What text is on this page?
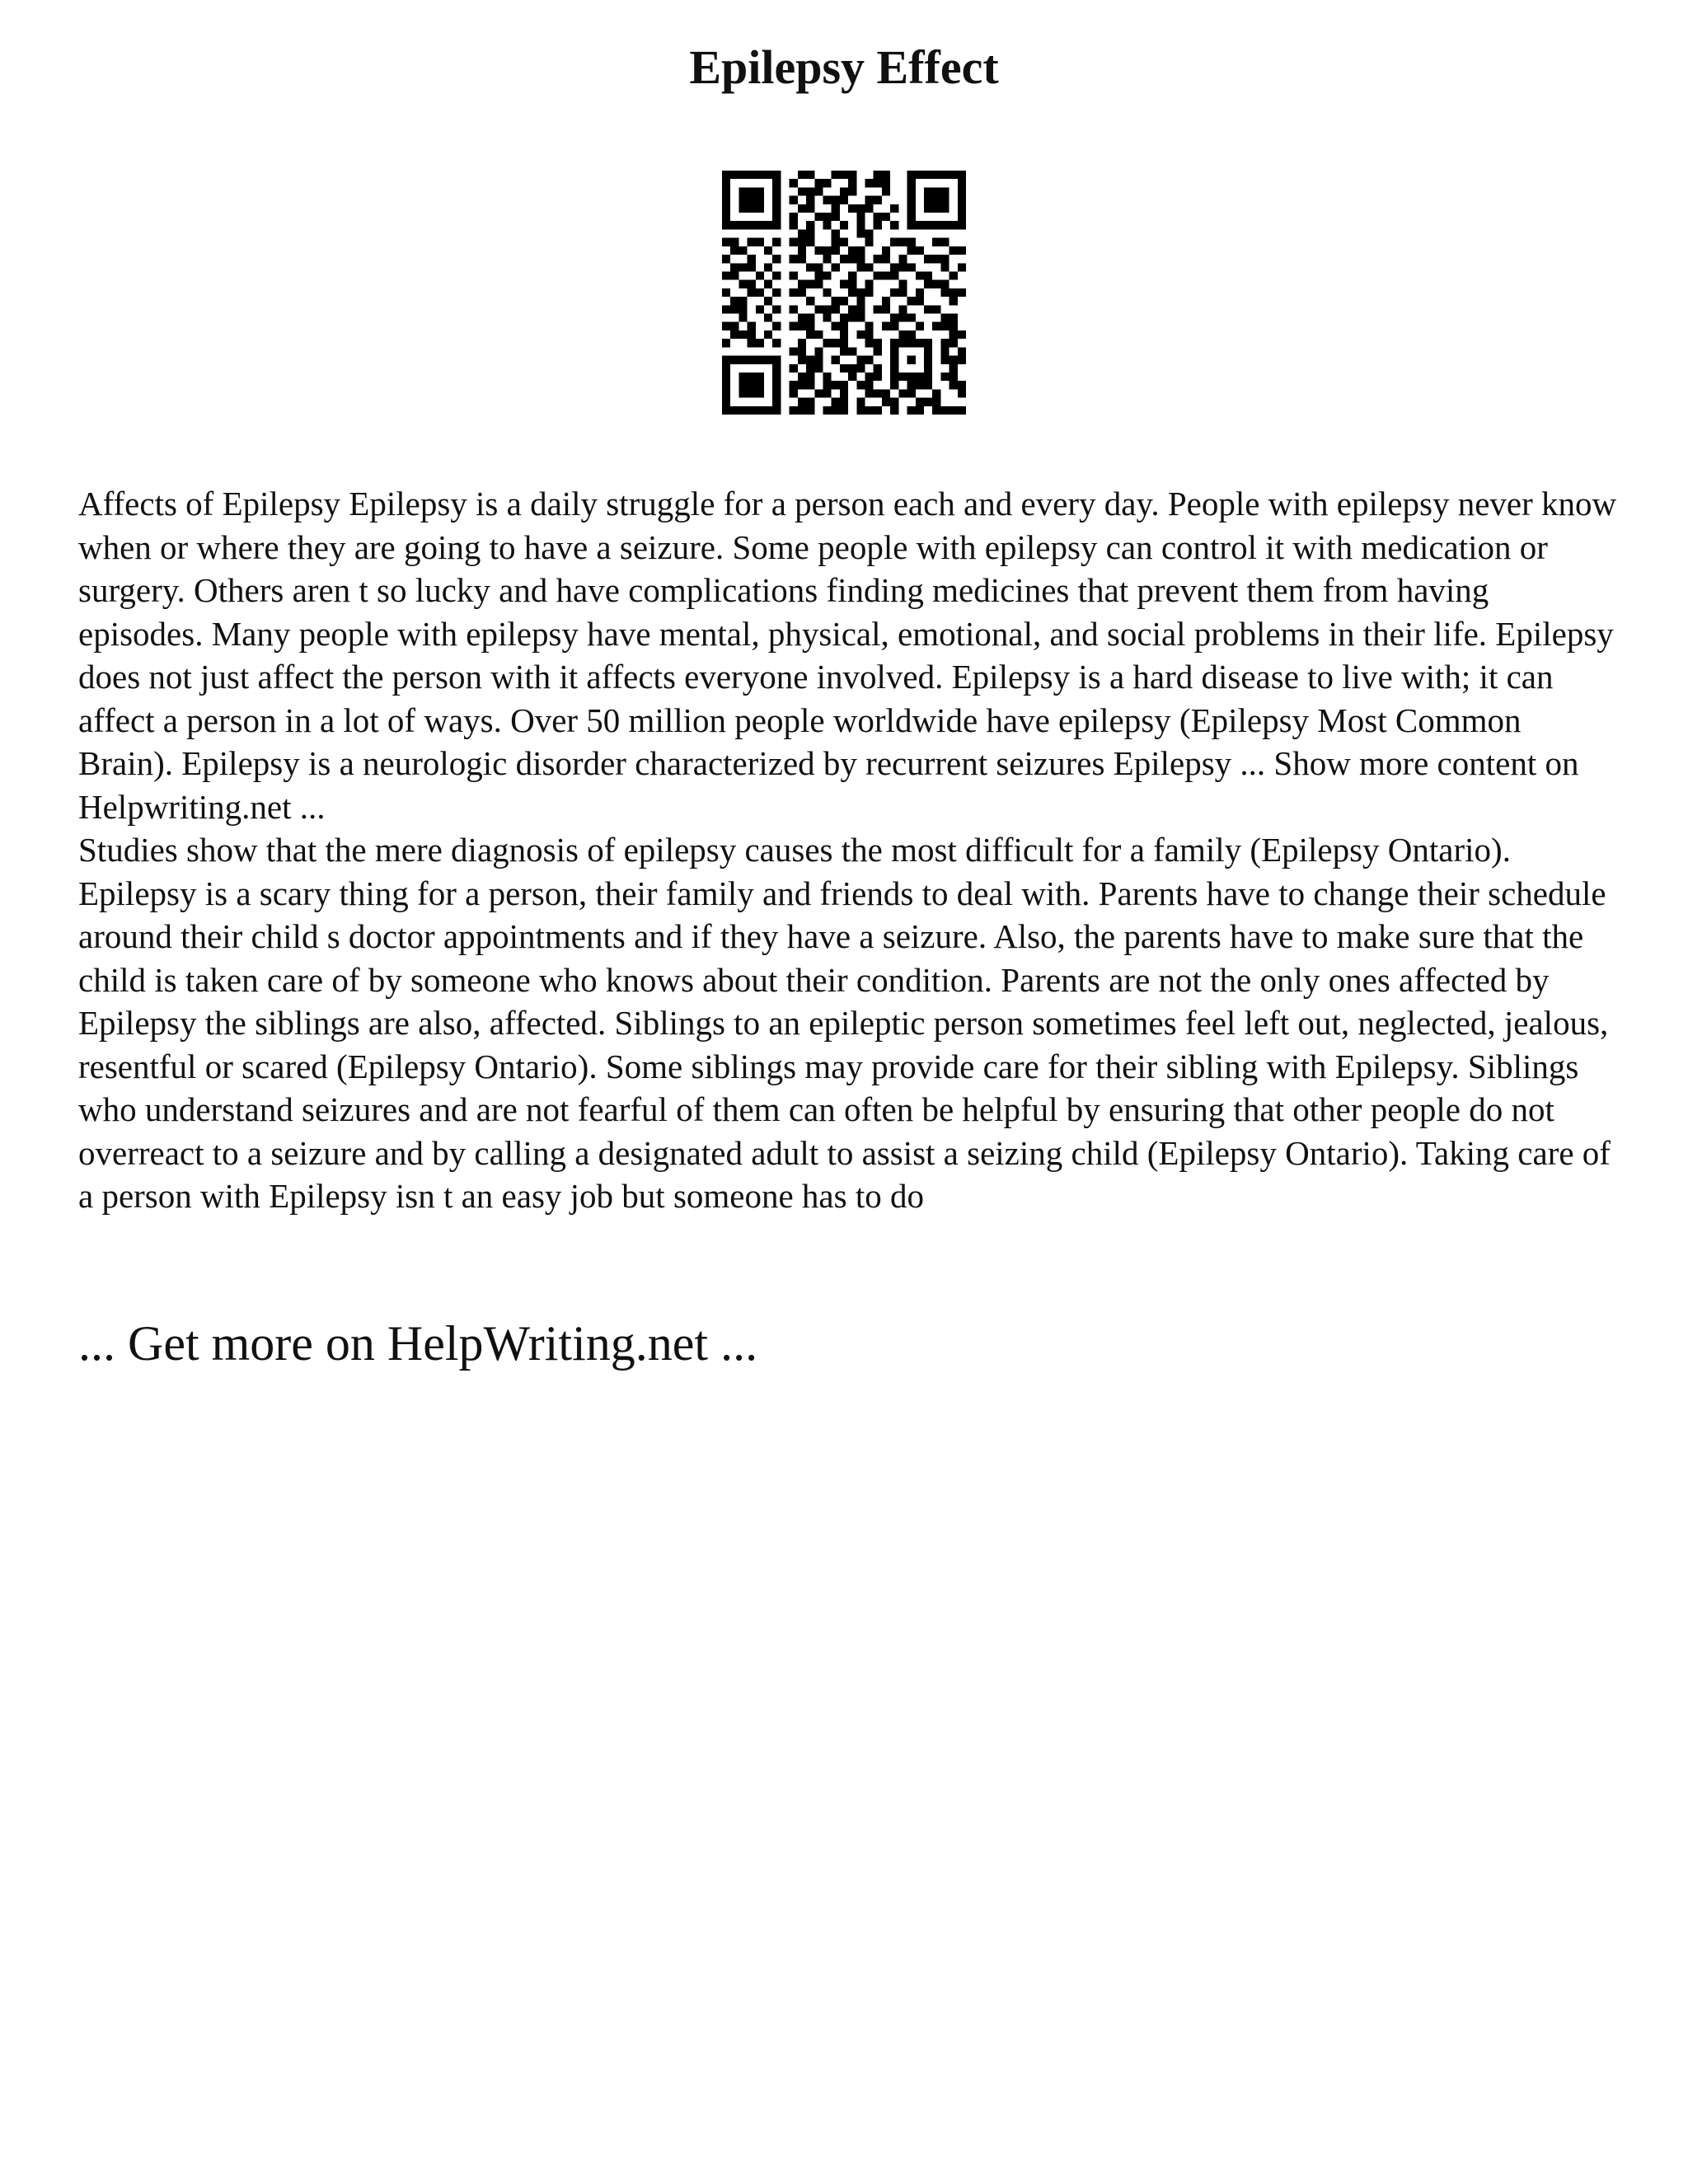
Epilepsy Effect

Affects of Epilepsy Epilepsy is a daily struggle for a person each and every day. People with epilepsy never know when or where they are going to have a seizure. Some people with epilepsy can control it with medication or surgery. Others aren t so lucky and have complications finding medicines that prevent them from having episodes. Many people with epilepsy have mental, physical, emotional, and social problems in their life. Epilepsy does not just affect the person with it affects everyone involved. Epilepsy is a hard disease to live with; it can affect a person in a lot of ways. Over 50 million people worldwide have epilepsy (Epilepsy Most Common Brain). Epilepsy is a neurologic disorder characterized by recurrent seizures Epilepsy ... Show more content on Helpwriting.net ...

Studies show that the mere diagnosis of epilepsy causes the most difficult for a family (Epilepsy Ontario). Epilepsy is a scary thing for a person, their family and friends to deal with. Parents have to change their schedule around their child s doctor appointments and if they have a seizure. Also, the parents have to make sure that the child is taken care of by someone who knows about their condition. Parents are not the only ones affected by Epilepsy the siblings are also, affected. Siblings to an epileptic person sometimes feel left out, neglected, jealous, resentful or scared (Epilepsy Ontario). Some siblings may provide care for their sibling with Epilepsy. Siblings who understand seizures and are not fearful of them can often be helpful by ensuring that other people do not overreact to a seizure and by calling a designated adult to assist a seizing child (Epilepsy Ontario). Taking care of a person with Epilepsy isn t an easy job but someone has to do

... Get more on HelpWriting.net ...
